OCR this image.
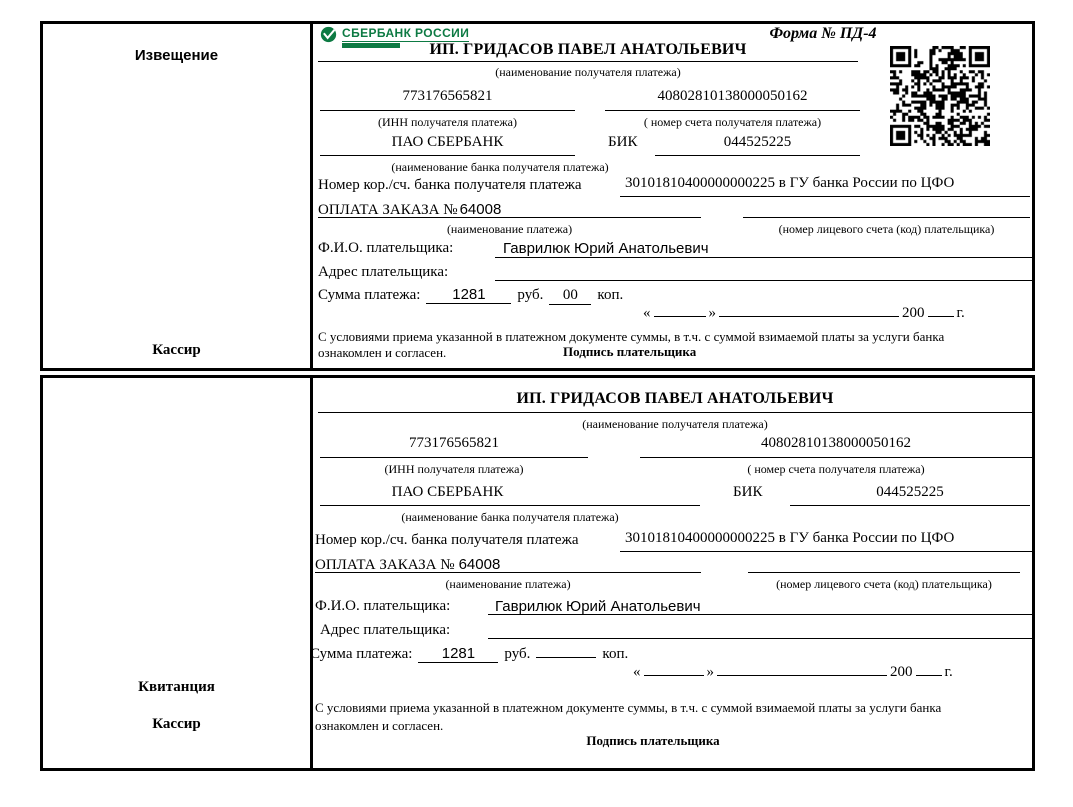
Извещение
Кассир
СБЕРБАНК РОССИИ	Форма № ПД-4
ИП. ГРИДАСОВ ПАВЕЛ АНАТОЛЬЕВИЧ
(наименование получателя платежа)
773176565821	40802810138000050162
(ИНН получателя платежа)	( номер счета получателя платежа)
ПАО СБЕРБАНК	БИК	044525225
(наименование банка получателя платежа)
Номер кор./сч. банка получателя платежа	30101810400000000225 в ГУ банка России по ЦФО
ОПЛАТА ЗАКАЗА № 64008
(наименование платежа)	(номер лицевого счета (код) плательщика)
Ф.И.О. плательщика:	Гаврилюк Юрий Анатольевич
Адрес плательщика:
Сумма платежа:	1281	руб.	00	коп.
«	»	200 г.
С условиями приема указанной в платежном документе суммы, в т.ч. с суммой взимаемой платы за услуги банка
ознакомлен и согласен.	Подпись плательщика
Квитанция
Кассир
ИП. ГРИДАСОВ ПАВЕЛ АНАТОЛЬЕВИЧ
(наименование получателя платежа)
773176565821	40802810138000050162
(ИНН получателя платежа)	( номер счета получателя платежа)
ПАО СБЕРБАНК	БИК	044525225
(наименование банка получателя платежа)
Номер кор./сч. банка получателя платежа	30101810400000000225 в ГУ банка России по ЦФО
ОПЛАТА ЗАКАЗА № 64008
(наименование платежа)	(номер лицевого счета (код) плательщика)
Ф.И.О. плательщика:	Гаврилюк Юрий Анатольевич
Адрес плательщика:
Сумма платежа:	1281	руб.	коп.
«	»	200 г.
С условиями приема указанной в платежном документе суммы, в т.ч. с суммой взимаемой платы за услуги банка
ознакомлен и согласен.
Подпись плательщика
